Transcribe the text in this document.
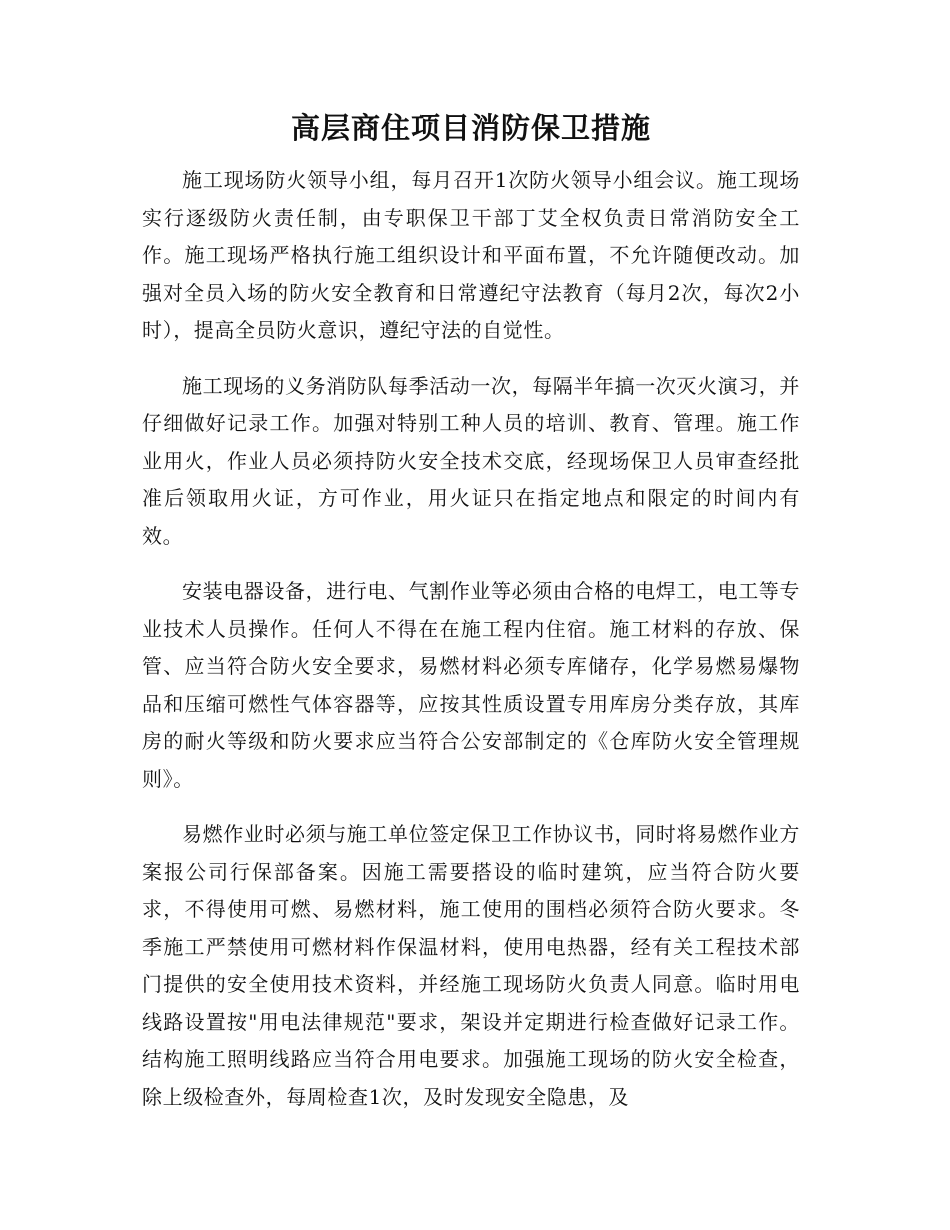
高层商住项目消防保卫措施

施工现场防火领导小组，每月召开1次防火领导小组会议。施工现场实行逐级防火责任制，由专职保卫干部丁艾全权负责日常消防安全工作。施工现场严格执行施工组织设计和平面布置，不允许随便改动。加强对全员入场的防火安全教育和日常遵纪守法教育（每月2次，每次2小时），提高全员防火意识，遵纪守法的自觉性。

施工现场的义务消防队每季活动一次，每隔半年搞一次灭火演习，并仔细做好记录工作。加强对特别工种人员的培训、教育、管理。施工作业用火，作业人员必须持防火安全技术交底，经现场保卫人员审查经批准后领取用火证，方可作业，用火证只在指定地点和限定的时间内有效。

安装电器设备，进行电、气割作业等必须由合格的电焊工，电工等专业技术人员操作。任何人不得在在施工程内住宿。施工材料的存放、保管、应当符合防火安全要求，易燃材料必须专库储存，化学易燃易爆物品和压缩可燃性气体容器等，应按其性质设置专用库房分类存放，其库房的耐火等级和防火要求应当符合公安部制定的《仓库防火安全管理规则》。

易燃作业时必须与施工单位签定保卫工作协议书，同时将易燃作业方案报公司行保部备案。因施工需要搭设的临时建筑，应当符合防火要求，不得使用可燃、易燃材料，施工使用的围档必须符合防火要求。冬季施工严禁使用可燃材料作保温材料，使用电热器，经有关工程技术部门提供的安全使用技术资料，并经施工现场防火负责人同意。临时用电线路设置按"用电法律规范"要求，架设并定期进行检查做好记录工作。结构施工照明线路应当符合用电要求。加强施工现场的防火安全检查，除上级检查外，每周检查1次，及时发现安全隐患，及
